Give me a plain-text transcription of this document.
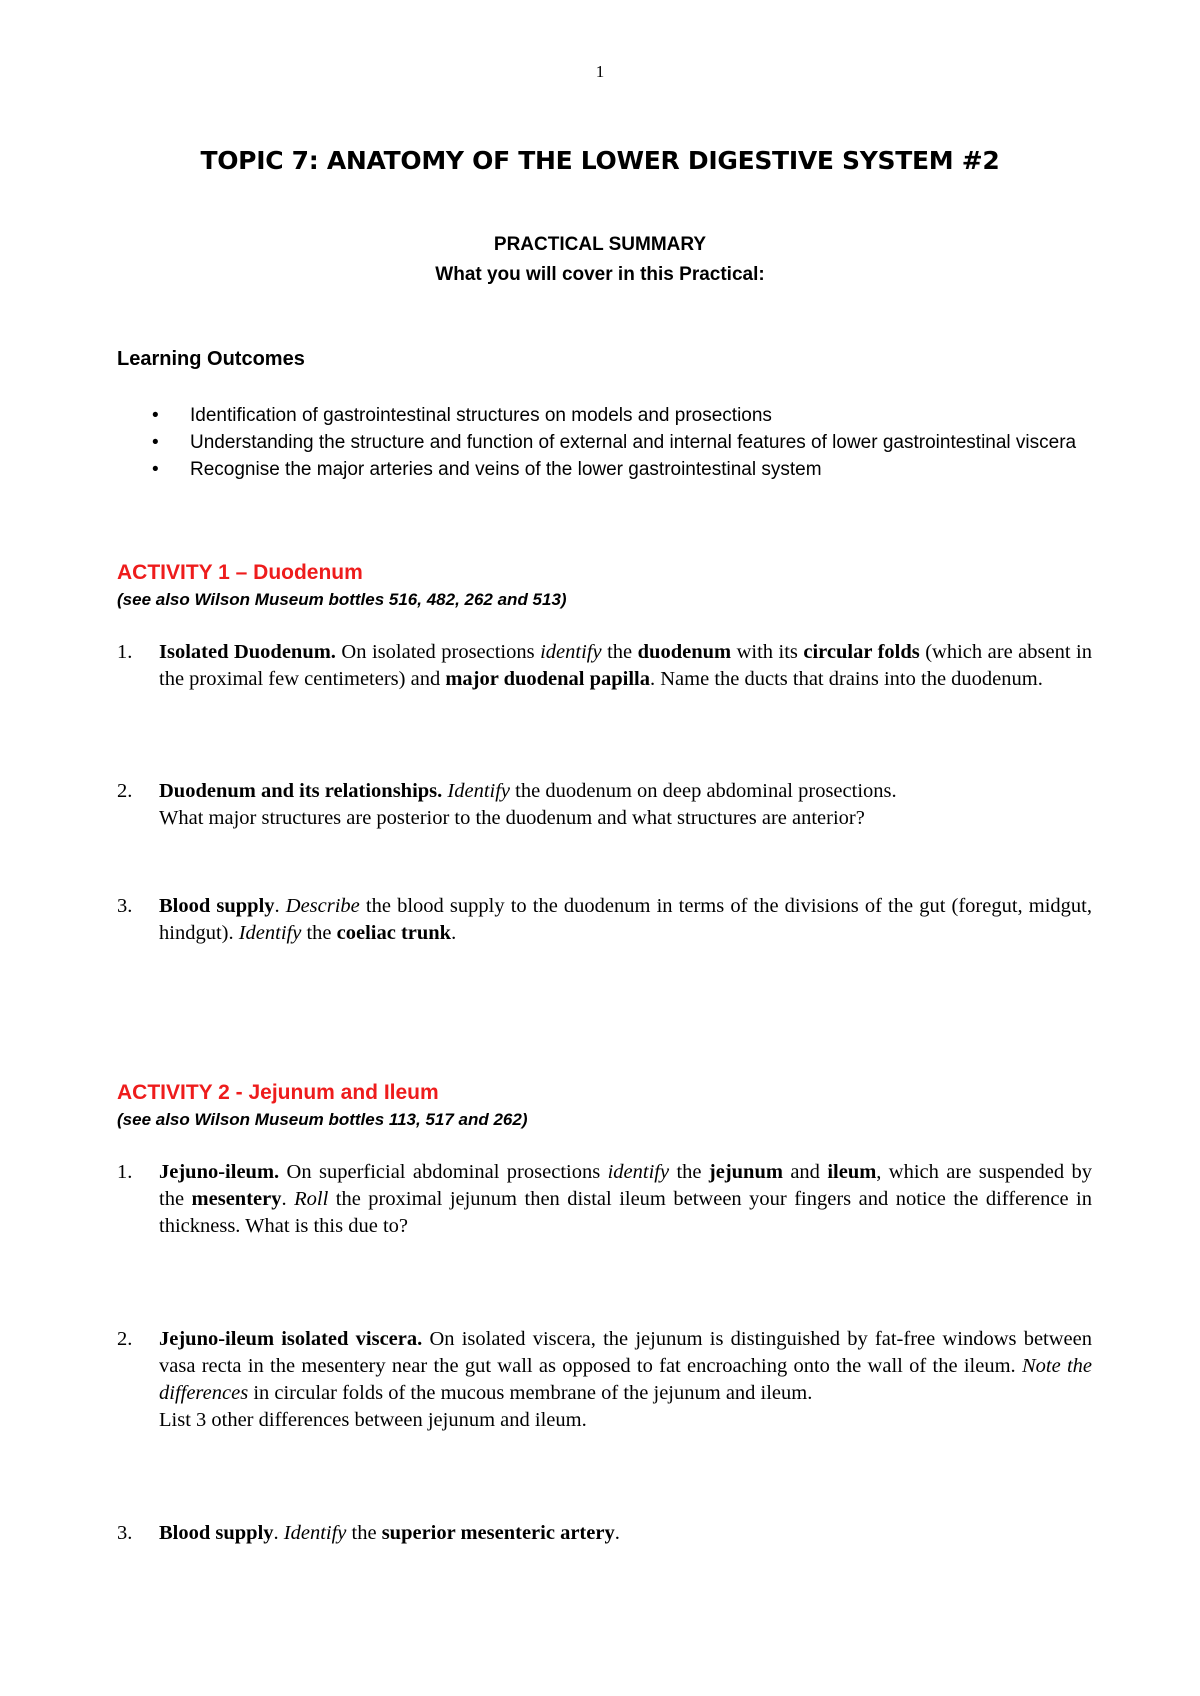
1
TOPIC 7: ANATOMY OF THE LOWER DIGESTIVE SYSTEM #2
PRACTICAL SUMMARY
What you will cover in this Practical:
Learning Outcomes
• Identification of gastrointestinal structures on models and prosections
• Understanding the structure and function of external and internal features of lower gastrointestinal viscera
• Recognise the major arteries and veins of the lower gastrointestinal system
ACTIVITY 1 – Duodenum
(see also Wilson Museum bottles 516, 482, 262 and 513)
1. Isolated Duodenum. On isolated prosections identify the duodenum with its circular folds (which are absent in the proximal few centimeters) and major duodenal papilla. Name the ducts that drains into the duodenum.
2. Duodenum and its relationships. Identify the duodenum on deep abdominal prosections.
What major structures are posterior to the duodenum and what structures are anterior?
3. Blood supply. Describe the blood supply to the duodenum in terms of the divisions of the gut (foregut, midgut, hindgut). Identify the coeliac trunk.
ACTIVITY 2 - Jejunum and Ileum
(see also Wilson Museum bottles 113, 517 and 262)
1. Jejuno-ileum. On superficial abdominal prosections identify the jejunum and ileum, which are suspended by the mesentery. Roll the proximal jejunum then distal ileum between your fingers and notice the difference in thickness. What is this due to?
2. Jejuno-ileum isolated viscera. On isolated viscera, the jejunum is distinguished by fat-free windows between vasa recta in the mesentery near the gut wall as opposed to fat encroaching onto the wall of the ileum. Note the differences in circular folds of the mucous membrane of the jejunum and ileum.
List 3 other differences between jejunum and ileum.
3. Blood supply. Identify the superior mesenteric artery.
